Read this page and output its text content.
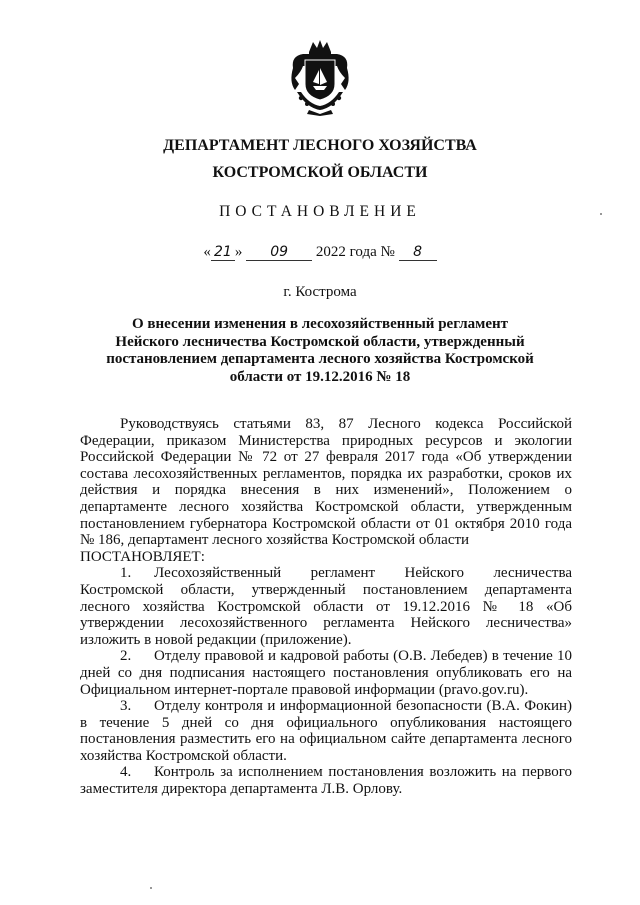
ДЕПАРТАМЕНТ ЛЕСНОГО ХОЗЯЙСТВА
КОСТРОМСКОЙ ОБЛАСТИ
ПОСТАНОВЛЕНИЕ
« 21 » 09 2022 года № 8
г. Кострома
О внесении изменения в лесохозяйственный регламент
Нейского лесничества Костромской области, утвержденный
постановлением департамента лесного хозяйства Костромской
области от 19.12.2016 № 18

Руководствуясь статьями 83, 87 Лесного кодекса Российской Федерации, приказом Министерства природных ресурсов и экологии Российской Федерации № 72 от 27 февраля 2017 года «Об утверждении состава лесохозяйственных регламентов, порядка их разработки, сроков их действия и порядка внесения в них изменений», Положением о департаменте лесного хозяйства Костромской области, утвержденным постановлением губернатора Костромской области от 01 октября 2010 года № 186, департамент лесного хозяйства Костромской области

ПОСТАНОВЛЯЕТ:

1. Лесохозяйственный регламент Нейского лесничества Костромской области, утвержденный постановлением департамента лесного хозяйства Костромской области от 19.12.2016 № 18 «Об утверждении лесохозяйственного регламента Нейского лесничества» изложить в новой редакции (приложение).

2. Отделу правовой и кадровой работы (О.В. Лебедев) в течение 10 дней со дня подписания настоящего постановления опубликовать его на Официальном интернет-портале правовой информации (pravo.gov.ru).

3. Отделу контроля и информационной безопасности (В.А. Фокин) в течение 5 дней со дня официального опубликования настоящего постановления разместить его на официальном сайте департамента лесного хозяйства Костромской области.

4. Контроль за исполнением постановления возложить на первого заместителя директора департамента Л.В. Орлову.
